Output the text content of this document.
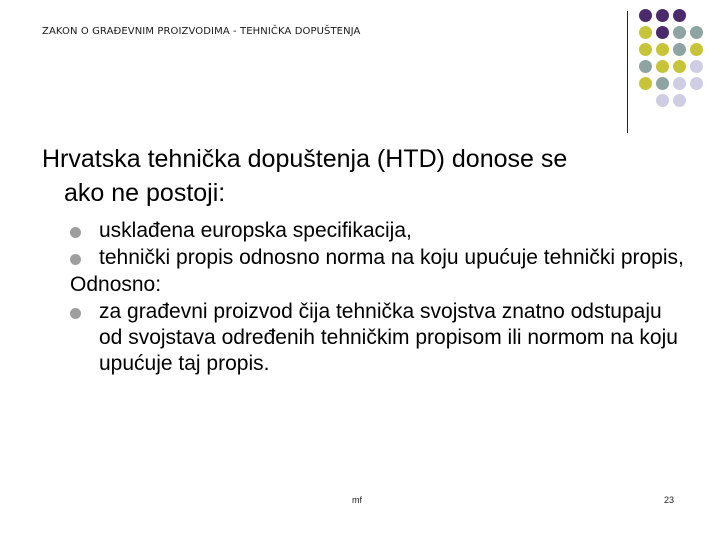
ZAKON O GRAĐEVNIM PROIZVODIMA - TEHNIČKA DOPUŠTENJA
Hrvatska tehnička dopuštenja (HTD) donose se
ako ne postoji:
usklađena europska specifikacija,
tehnički propis odnosno norma na koju upućuje tehnički propis,
Odnosno:
za građevni proizvod čija tehnička svojstva znatno odstupaju od svojstava određenih tehničkim propisom ili normom na koju upućuje taj propis.
mf	23
